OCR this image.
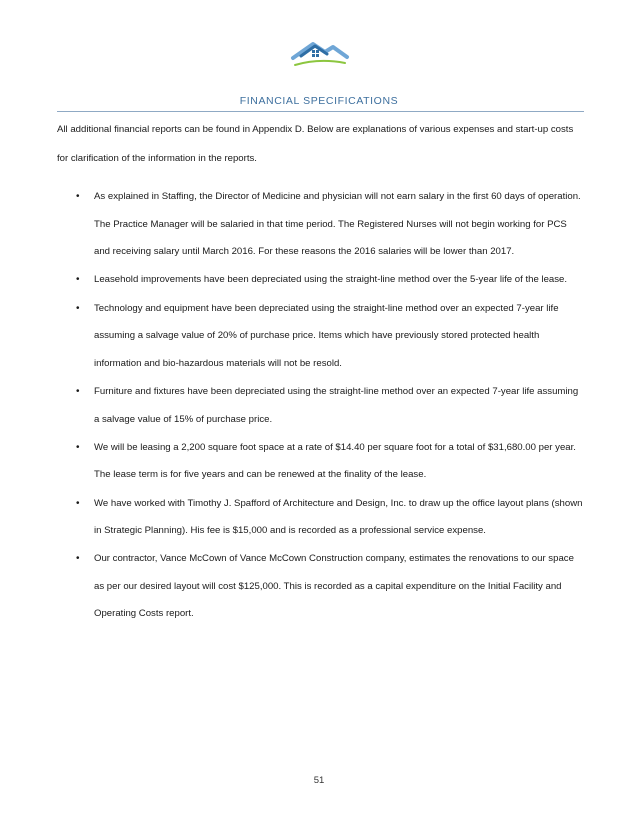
FINANCIAL SPECIFICATIONS

All additional financial reports can be found in Appendix D. Below are explanations of various expenses and start-up costs for clarification of the information in the reports.

• As explained in Staffing, the Director of Medicine and physician will not earn salary in the first 60 days of operation. The Practice Manager will be salaried in that time period. The Registered Nurses will not begin working for PCS and receiving salary until March 2016. For these reasons the 2016 salaries will be lower than 2017.
• Leasehold improvements have been depreciated using the straight-line method over the 5-year life of the lease.
• Technology and equipment have been depreciated using the straight-line method over an expected 7-year life assuming a salvage value of 20% of purchase price. Items which have previously stored protected health information and bio-hazardous materials will not be resold.
• Furniture and fixtures have been depreciated using the straight-line method over an expected 7-year life assuming a salvage value of 15% of purchase price.
• We will be leasing a 2,200 square foot space at a rate of $14.40 per square foot for a total of $31,680.00 per year. The lease term is for five years and can be renewed at the finality of the lease.
• We have worked with Timothy J. Spafford of Architecture and Design, Inc. to draw up the office layout plans (shown in Strategic Planning). His fee is $15,000 and is recorded as a professional service expense.
• Our contractor, Vance McCown of Vance McCown Construction company, estimates the renovations to our space as per our desired layout will cost $125,000. This is recorded as a capital expenditure on the Initial Facility and Operating Costs report.
51
